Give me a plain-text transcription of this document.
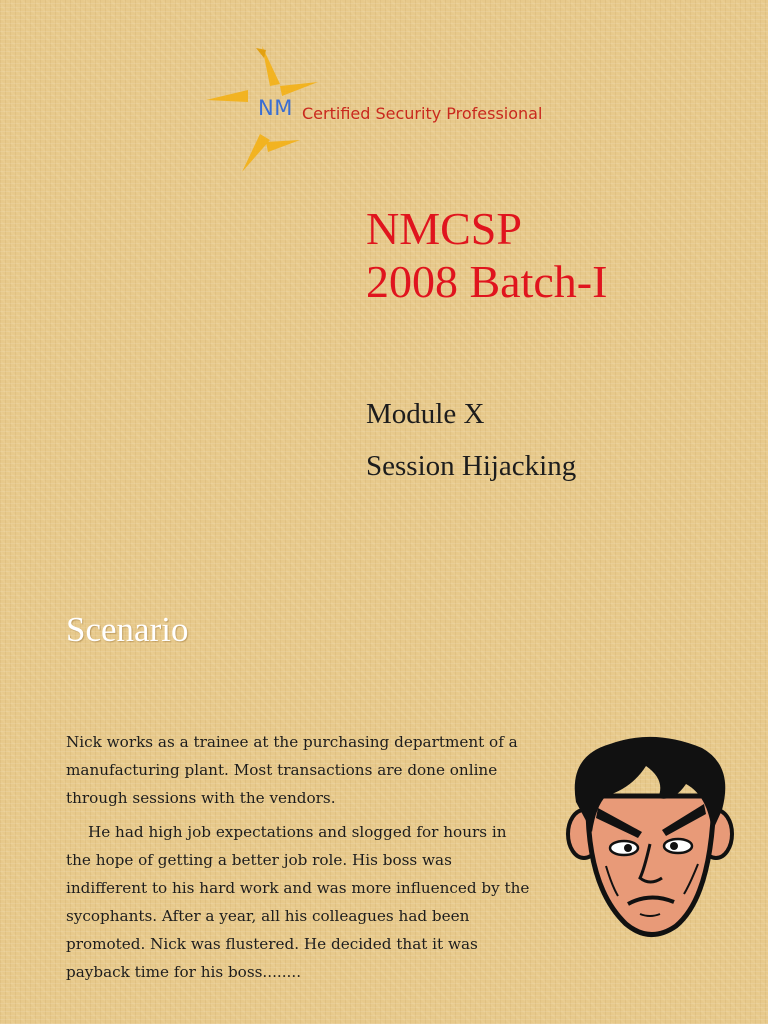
NM Certified Security Professional
NMCSP
2008 Batch-I
Module X
Session Hijacking
Scenario

Nick works as a trainee at the purchasing department of a manufacturing plant. Most transactions are done online through sessions with the vendors.

He had high job expectations and slogged for hours in the hope of getting a better job role. His boss was indifferent to his hard work and was more influenced by the sycophants. After a year, all his colleagues had been promoted. Nick was flustered. He decided that it was payback time for his boss........
